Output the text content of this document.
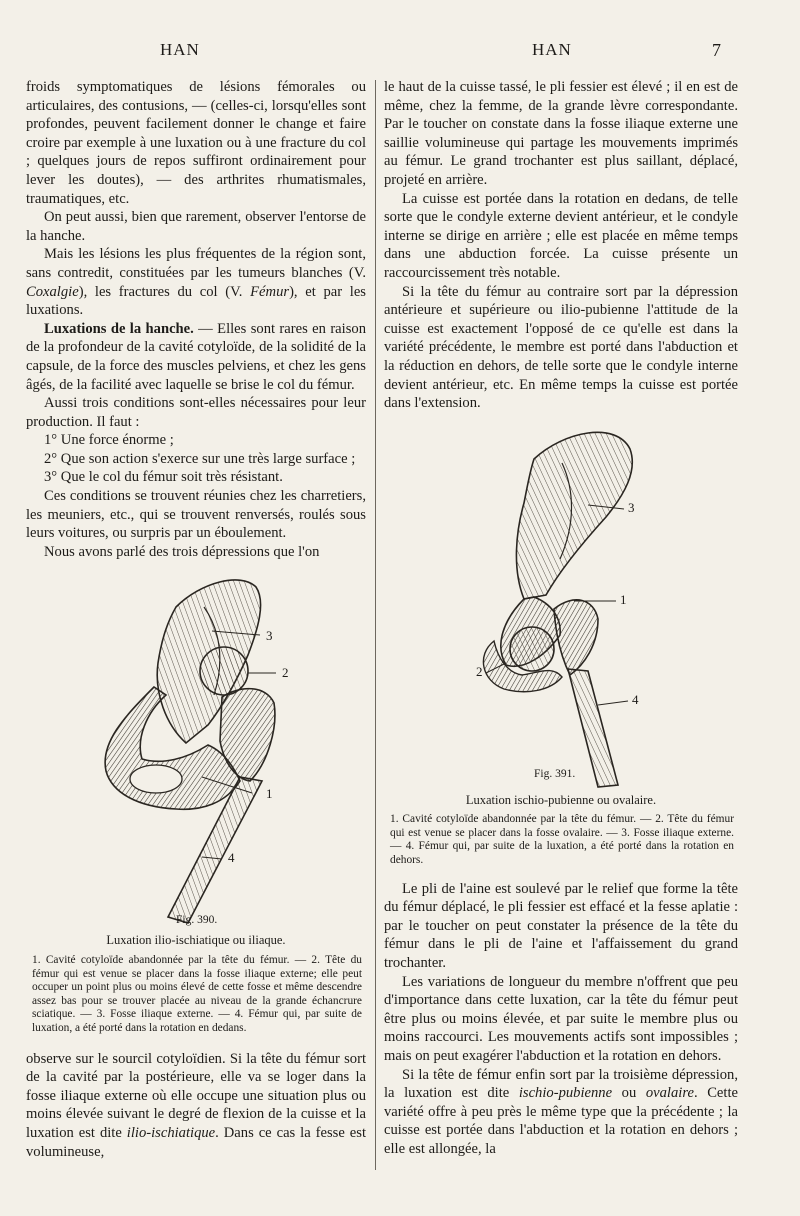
HAN	HAN	7

froids symptomatiques de lésions fémorales ou articulaires, des contusions, — (celles-ci, lorsqu'elles sont profondes, peuvent facilement donner le change et faire croire par exemple à une luxation ou à une fracture du col ; quelques jours de repos suffiront ordinairement pour lever les doutes), — des arthrites rhumatismales, traumatiques, etc.

On peut aussi, bien que rarement, observer l'entorse de la hanche.

Mais les lésions les plus fréquentes de la région sont, sans contredit, constituées par les tumeurs blanches (V. Coxalgie), les fractures du col (V. Fémur), et par les luxations.

Luxations de la hanche. — Elles sont rares en raison de la profondeur de la cavité cotyloïde, de la solidité de la capsule, de la force des muscles pelviens, et chez les gens âgés, de la facilité avec laquelle se brise le col du fémur.

Aussi trois conditions sont-elles nécessaires pour leur production. Il faut :

1° Une force énorme ;

2° Que son action s'exerce sur une très large surface ;

3° Que le col du fémur soit très résistant.

Ces conditions se trouvent réunies chez les charretiers, les meuniers, etc., qui se trouvent renversés, roulés sous leurs voitures, ou surpris par un éboulement.

Nous avons parlé des trois dépressions que l'on

1
2
3
4
Fig. 390.
Luxation ilio-ischiatique ou iliaque.
1. Cavité cotyloïde abandonnée par la tête du fémur. — 2. Tête du fémur qui est venue se placer dans la fosse iliaque externe; elle peut occuper un point plus ou moins élevé de cette fosse et même descendre assez bas pour se trouver placée au niveau de la grande échancrure sciatique. — 3. Fosse iliaque externe. — 4. Fémur qui, par suite de luxation, a été porté dans la rotation en dedans.

observe sur le sourcil cotyloïdien. Si la tête du fémur sort de la cavité par la postérieure, elle va se loger dans la fosse iliaque externe où elle occupe une situation plus ou moins élevée suivant le degré de flexion de la cuisse et la luxation est dite ilio-ischiatique. Dans ce cas la fesse est volumineuse,

le haut de la cuisse tassé, le pli fessier est élevé ; il en est de même, chez la femme, de la grande lèvre correspondante. Par le toucher on constate dans la fosse iliaque externe une saillie volumineuse qui partage les mouvements imprimés au fémur. Le grand trochanter est plus saillant, déplacé, projeté en arrière.

La cuisse est portée dans la rotation en dedans, de telle sorte que le condyle externe devient antérieur, et le condyle interne se dirige en arrière ; elle est placée en même temps dans une abduction forcée. La cuisse présente un raccourcissement très notable.

Si la tête du fémur au contraire sort par la dépression antérieure et supérieure ou ilio-pubienne l'attitude de la cuisse est exactement l'opposé de ce qu'elle est dans la variété précédente, le membre est porté dans l'abduction et la réduction en dehors, de telle sorte que le condyle interne devient antérieur, etc. En même temps la cuisse est portée dans l'extension.

1
2
3
4
Fig. 391.
Luxation ischio-pubienne ou ovalaire.
1. Cavité cotyloïde abandonnée par la tête du fémur. — 2. Tête du fémur qui est venue se placer dans la fosse ovalaire. — 3. Fosse iliaque externe. — 4. Fémur qui, par suite de la luxation, a été porté dans la rotation en dehors.

Le pli de l'aine est soulevé par le relief que forme la tête du fémur déplacé, le pli fessier est effacé et la fesse aplatie : par le toucher on peut constater la présence de la tête du fémur dans le pli de l'aine et l'affaissement du grand trochanter.

Les variations de longueur du membre n'offrent que peu d'importance dans cette luxation, car la tête du fémur peut être plus ou moins élevée, et par suite le membre plus ou moins raccourci. Les mouvements actifs sont impossibles ; mais on peut exagérer l'abduction et la rotation en dehors.

Si la tête de fémur enfin sort par la troisième dépression, la luxation est dite ischio-pubienne ou ovalaire. Cette variété offre à peu près le même type que la précédente ; la cuisse est portée dans l'abduction et la rotation en dehors ; elle est allongée, la
